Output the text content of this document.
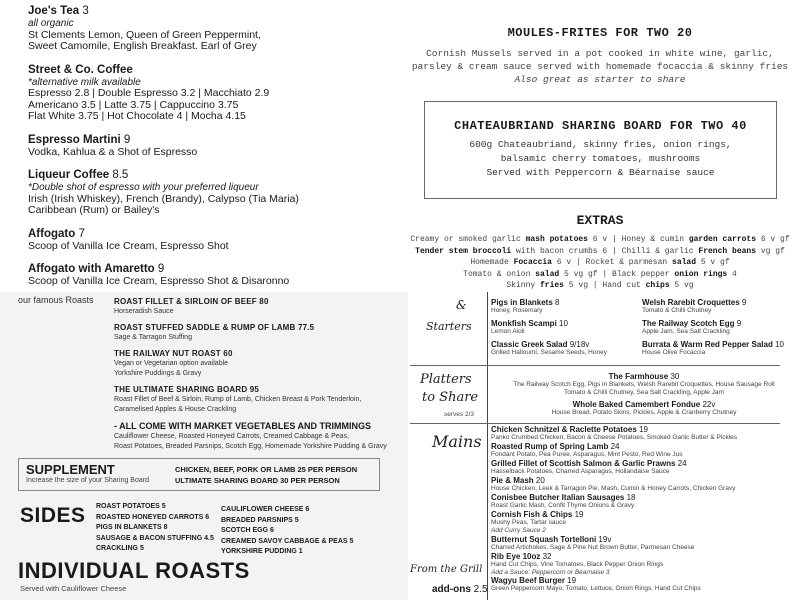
Joe's Tea 3
all organic
St Clements Lemon, Queen of Green Peppermint,
Sweet Camomile, English Breakfast. Earl of Grey
Street & Co. Coffee
*alternative milk available
Espresso 2.8 | Double Espresso 3.2 | Macchiato 2.9
Americano 3.5 | Latte 3.75 | Cappuccino 3.75
Flat White 3.75 | Hot Chocolate 4 | Mocha 4.15
Espresso Martini 9
Vodka, Kahlua & a Shot of Espresso
Liqueur Coffee 8.5
*Double shot of espresso with your preferred liqueur
Irish (Irish Whiskey), French (Brandy), Calypso (Tia Maria)
Caribbean (Rum) or Bailey's
Affogato 7
Scoop of Vanilla Ice Cream, Espresso Shot
Affogato with Amaretto 9
Scoop of Vanilla Ice Cream, Espresso Shot & Disaronno
our famous Roasts	ROAST FILLET & SIRLOIN OF BEEF 80
Horseradish Sauce
ROAST STUFFED SADDLE & RUMP OF LAMB 77.5
Sage & Tarragon Stuffing
THE RAILWAY NUT ROAST 60
Vegan or Vegetarian option available
Yorkshire Puddings & Gravy
THE ULTIMATE SHARING BOARD 95
Roast Fillet of Beef & Sirloin, Rump of Lamb, Chicken Breast & Pork Tenderloin,
Caramelised Apples & House Crackling
- ALL COME WITH MARKET VEGETABLES AND TRIMMINGS
Cauliflower Cheese, Roasted Honeyed Carrots, Creamed Cabbage & Peas,
Roast Potatoes, Breaded Parsnips, Scotch Egg, Homemade Yorkshire Pudding & Gravy
SUPPLEMENT
Increase the size of your Sharing Board
CHICKEN, BEEF, PORK OR LAMB 25 PER PERSON
ULTIMATE SHARING BOARD 30 PER PERSON
SIDES ROAST POTATOES 5
ROASTED HONEYED CARROTS 6
PIGS IN BLANKETS 8
SAUSAGE & BACON STUFFING 4.5
CRACKLING 5
CAULIFLOWER CHEESE 6
BREADED PARSNIPS 5
SCOTCH EGG 6
CREAMED SAVOY CABBAGE & PEAS 5
YORKSHIRE PUDDING 1
INDIVIDUAL ROASTS
Served with Cauliflower Cheese
MOULES-FRITES FOR TWO 20
Cornish Mussels served in a pot cooked in white wine, garlic,
parsley & cream sauce served with homemade focaccia & skinny fries
Also great as starter to share
CHATEAUBRIAND SHARING BOARD FOR TWO 40
600g Chateaubriand, skinny fries, onion rings,
balsamic cherry tomatoes, mushrooms
Served with Peppercorn & Béarnaise sauce
EXTRAS
Creamy or smoked garlic mash potatoes 6 v | Honey & cumin garden carrots 6 v gf
Tender stem broccoli with bacon crumbs 6 | Chilli & garlic French beans vg gf
Homemade Focaccia 6 v | Rocket & parmesan salad 5 v gf
Tomato & onion salad 5 vg gf | Black pepper onion rings 4
Skinny fries 5 vg | Hand cut chips 5 vg
&
Starters
Platters
to Share
serves 2/3
Mains
From the Grill
add-ons 2.5
Pigs in Blankets 8
Honey, Rosemary
Monkfish Scampi 10
Lemon Aioli
Classic Greek Salad 9/18v
Grilled Halloumi, Sesame Seeds, Honey
Welsh Rarebit Croquettes 9
Tomato & Chilli Chutney
The Railway Scotch Egg 9
Apple Jam, Sea Salt Crackling
Burrata & Warm Red Pepper Salad 10
House Olive Focaccia
The Farmhouse 30
The Railway Scotch Egg, Pigs in Blankets, Welsh Rarebit Croquettes, House Sausage Roll
Tomato & Chilli Chutney, Sea Salt Crackling, Apple Jam
Whole Baked Camembert Fondue 22v
House Bread, Potato Skins, Pickles, Apple & Cranberry Chutney
Chicken Schnitzel & Raclette Potatoes 19
Panko Crumbed Chicken, Bacon & Cheese Potatoes, Smoked Garlic Butter & Pickles
Roasted Rump of Spring Lamb 24
Fondant Potato, Pea Puree, Asparagus, Mint Pesto, Red Wine Jus
Grilled Fillet of Scottish Salmon & Garlic Prawns 24
Hasselback Potatoes, Charred Asparagus, Hollandaise Sauce
Pie & Mash 20
House Chicken, Leek & Tarragon Pie, Mash, Cumin & Honey Carrots, Chicken Gravy
Conisbee Butcher Italian Sausages 18
Roast Garlic Mash, Confit Thyme Onions & Gravy
Cornish Fish & Chips 19
Mushy Peas, Tartar sauce
Add Curry Sauce 2
Butternut Squash Tortelloni 19v
Charred Artichokes, Sage & Pine Nut Brown Butter, Parmesan Cheese
Rib Eye 10oz 32
Hand Cut Chips, Vine Tomatoes, Black Pepper Onion Rings
Add a Sauce: Peppercorn or Béarnaise 3
Wagyu Beef Burger 19
Green Peppercorn Mayo, Tomato, Lettuce, Onion Rings, Hand Cut Chips
